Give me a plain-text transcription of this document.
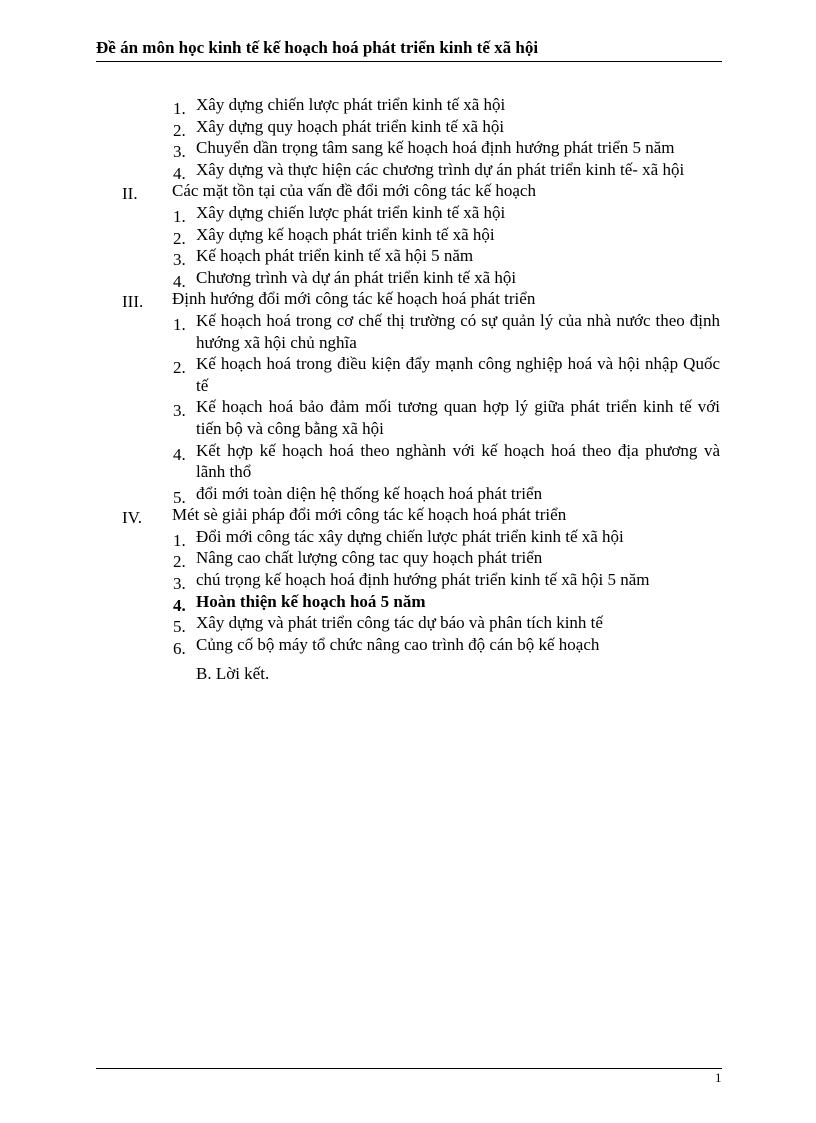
Đề án môn học kinh tế kế hoạch hoá phát triển kinh tế xã hội
1. Xây dựng chiến lược phát triển kinh tế xã hội
2. Xây dựng quy hoạch phát triển kinh tế xã hội
3. Chuyển dần trọng tâm sang kế hoạch hoá định hướng phát triển 5 năm
4. Xây dựng và thực hiện các chương trình dự án phát triển kinh tế- xã hội
II. Các mặt tồn tại của vấn đề đổi mới công tác kế hoạch
1. Xây dựng chiến lược phát triển kinh tế xã hội
2. Xây dựng kế hoạch phát triển kinh tế xã hội
3. Kế hoạch phát triển kinh tế xã hội 5 năm
4. Chương trình và dự án phát triển kinh tế xã hội
III. Định hướng đổi mới công tác kế hoạch hoá phát triển
1. Kế hoạch hoá trong cơ chế thị trường có sự quản lý của nhà nước theo định hướng xã hội chủ nghĩa
2. Kế hoạch hoá trong điều kiện đẩy mạnh công nghiệp hoá và hội nhập Quốc tế
3. Kế hoạch hoá bảo đảm mối tương quan hợp lý giữa phát triển kinh tế với tiến bộ và công bằng xã hội
4. Kết hợp kế hoạch hoá theo nghành với kế hoạch hoá theo địa phương và lãnh thổ
5. đổi mới toàn diện hệ thống kế hoạch hoá phát triển
IV. Mét sè giải pháp đổi mới công tác kế hoạch hoá phát triển
1. Đổi mới công tác xây dựng chiến lược phát triển kinh tế xã hội
2. Nâng cao chất lượng công tac quy hoạch phát triển
3. chú trọng kế hoạch hoá định hướng phát triển kinh tế xã hội 5 năm
4. Hoàn thiện kế hoạch hoá 5 năm
5. Xây dựng và phát triển công tác dự báo và phân tích kinh tế
6. Củng cố bộ máy tổ chức nâng cao trình độ cán bộ kế hoạch
B. Lời kết.
1
